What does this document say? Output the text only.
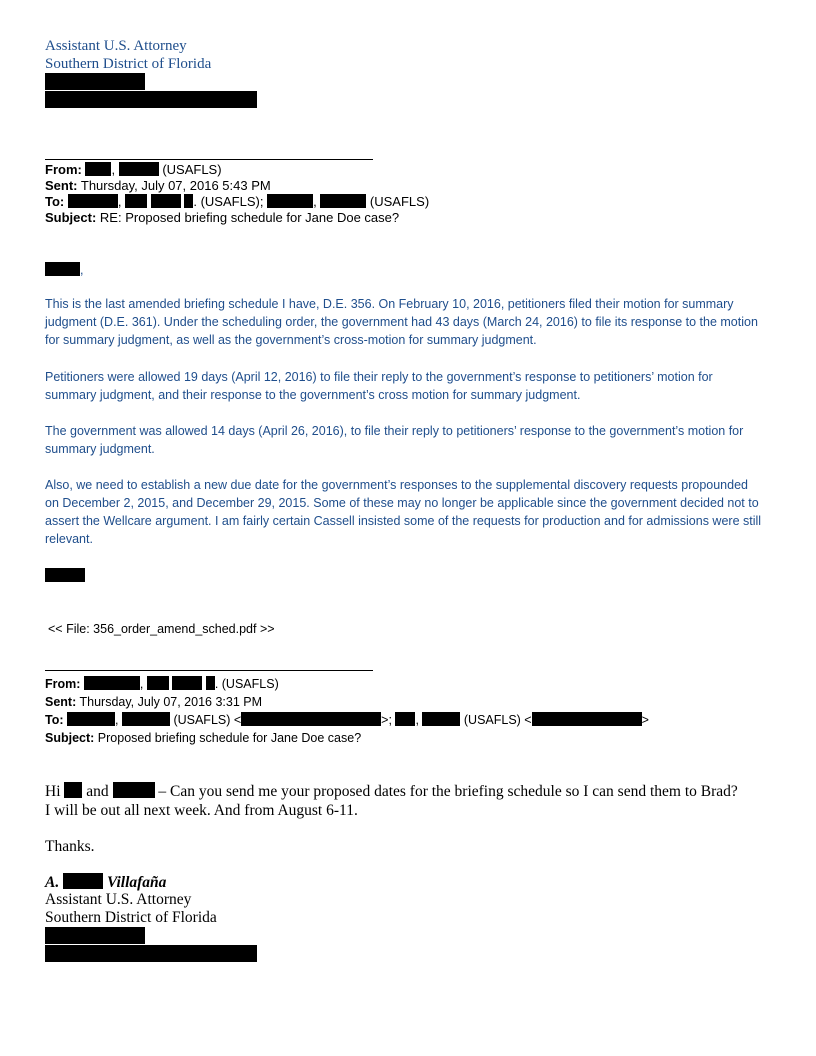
Assistant U.S. Attorney
Southern District of Florida
From: ,	(USAFLS)
Sent: Thursday, July 07, 2016 5:43 PM
To:	,	. (USAFLS);	,	(USAFLS)
Subject: RE: Proposed briefing schedule for Jane Doe case?
,
This is the last amended briefing schedule I have, D.E. 356. On February 10, 2016, petitioners filed their motion for summary judgment (D.E. 361). Under the scheduling order, the government had 43 days (March 24, 2016) to file its response to the motion for summary judgment, as well as the government’s cross-motion for summary judgment.
Petitioners were allowed 19 days (April 12, 2016) to file their reply to the government’s response to petitioners’ motion for summary judgment, and their response to the government’s cross motion for summary judgment.
The government was allowed 14 days (April 26, 2016), to file their reply to petitioners’ response to the government’s motion for summary judgment.
Also, we need to establish a new due date for the government’s responses to the supplemental discovery requests propounded on December 2, 2015, and December 29, 2015. Some of these may no longer be applicable since the government decided not to assert the Wellcare argument. I am fairly certain Cassell insisted some of the requests for production and for admissions were still relevant.
<< File: 356_order_amend_sched.pdf >>
From:	,	. (USAFLS)
Sent: Thursday, July 07, 2016 3:31 PM
To:	,	(USAFLS) <	>; ,	(USAFLS) <	>
Subject: Proposed briefing schedule for Jane Doe case?
Hi and	– Can you send me your proposed dates for the briefing schedule so I can send them to Brad?
I will be out all next week. And from August 6-11.
Thanks.
A.	Villafaña
Assistant U.S. Attorney
Southern District of Florida
